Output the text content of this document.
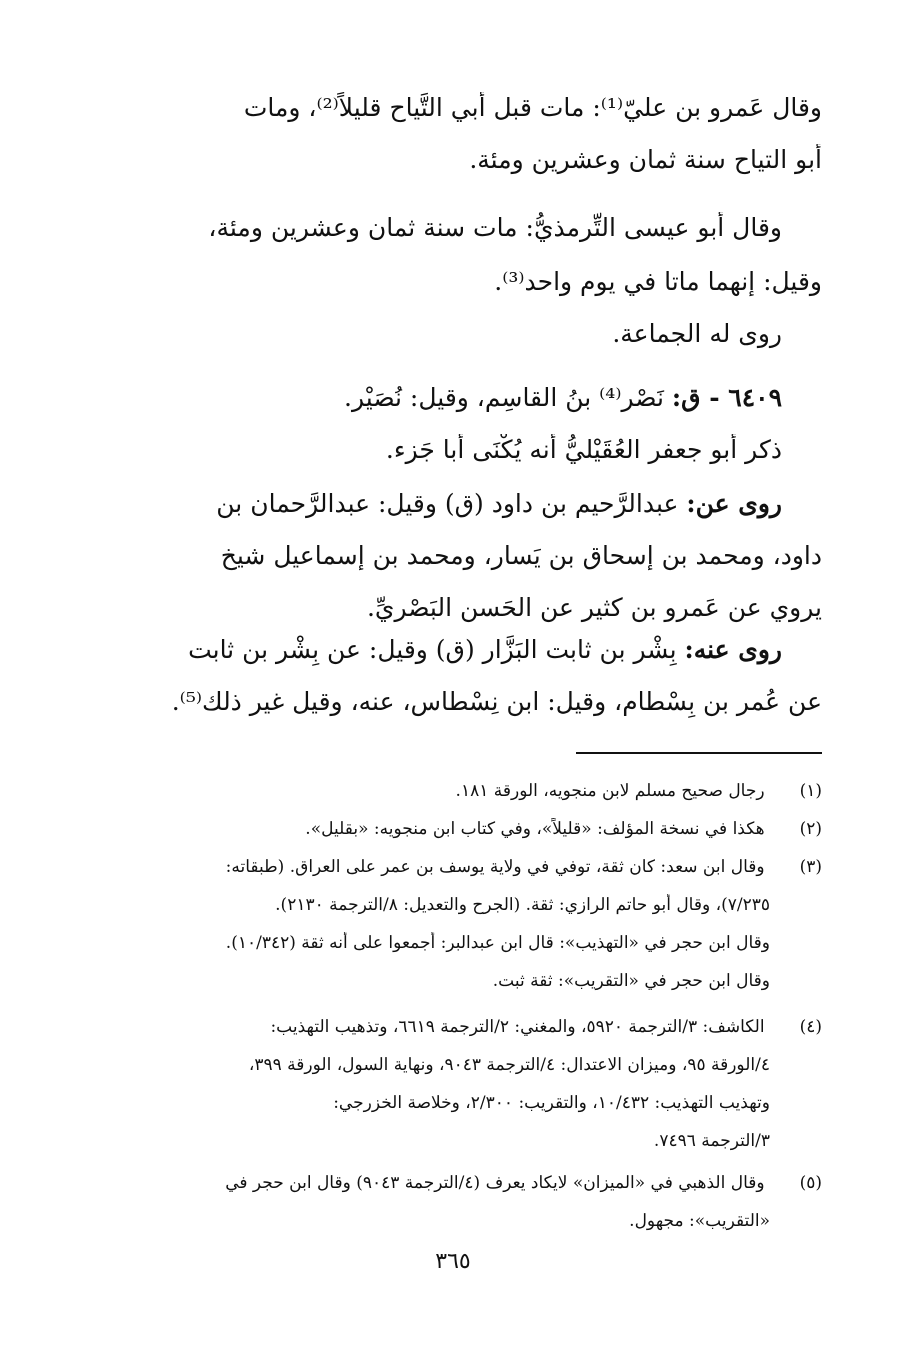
وقال عَمرو بن عليّ⁽¹⁾: مات قبل أبي التَّياح قليلاً⁽²⁾، ومات
أبو التياح سنة ثمان وعشرين ومئة.
وقال أبو عيسى التِّرمذيُّ: مات سنة ثمان وعشرين ومئة،
وقيل: إنهما ماتا في يوم واحد⁽³⁾.
روى له الجماعة.
٦٤٠٩ - ق: نَصْر⁽⁴⁾ بنُ القاسِم، وقيل: نُصَيْر.
ذكر أبو جعفر العُقَيْليُّ أنه يُكْنَى أبا جَزء.
روى عن: عبدالرَّحيم بن داود (ق) وقيل: عبدالرَّحمان بن
داود، ومحمد بن إسحاق بن يَسار، ومحمد بن إسماعيل شيخ
يروي عن عَمرو بن كثير عن الحَسن البَصْريِّ.
روى عنه: بِشْر بن ثابت البَزَّار (ق) وقيل: عن بِشْر بن ثابت
عن عُمر بن بِسْطام، وقيل: ابن نِسْطاس، عنه، وقيل غير ذلك⁽⁵⁾.
(١) رجال صحيح مسلم لابن منجويه، الورقة ١٨١.
(٢) هكذا في نسخة المؤلف: «قليلاً»، وفي كتاب ابن منجويه: «بقليل».
(٣) وقال ابن سعد: كان ثقة، توفي في ولاية يوسف بن عمر على العراق. (طبقاته:
٧/٢٣٥)، وقال أبو حاتم الرازي: ثقة. (الجرح والتعديل: ٨/الترجمة ٢١٣٠).
وقال ابن حجر في «التهذيب»: قال ابن عبدالبر: أجمعوا على أنه ثقة (١٠/٣٤٢).
وقال ابن حجر في «التقريب»: ثقة ثبت.
(٤) الكاشف: ٣/الترجمة ٥٩٢٠، والمغني: ٢/الترجمة ٦٦١٩، وتذهيب التهذيب:
٤/الورقة ٩٥، وميزان الاعتدال: ٤/الترجمة ٩٠٤٣، ونهاية السول، الورقة ٣٩٩،
وتهذيب التهذيب: ١٠/٤٣٢، والتقريب: ٢/٣٠٠، وخلاصة الخزرجي:
٣/الترجمة ٧٤٩٦.
(٥) وقال الذهبي في «الميزان» لايكاد يعرف (٤/الترجمة ٩٠٤٣) وقال ابن حجر في
«التقريب»: مجهول.
٣٦٥
